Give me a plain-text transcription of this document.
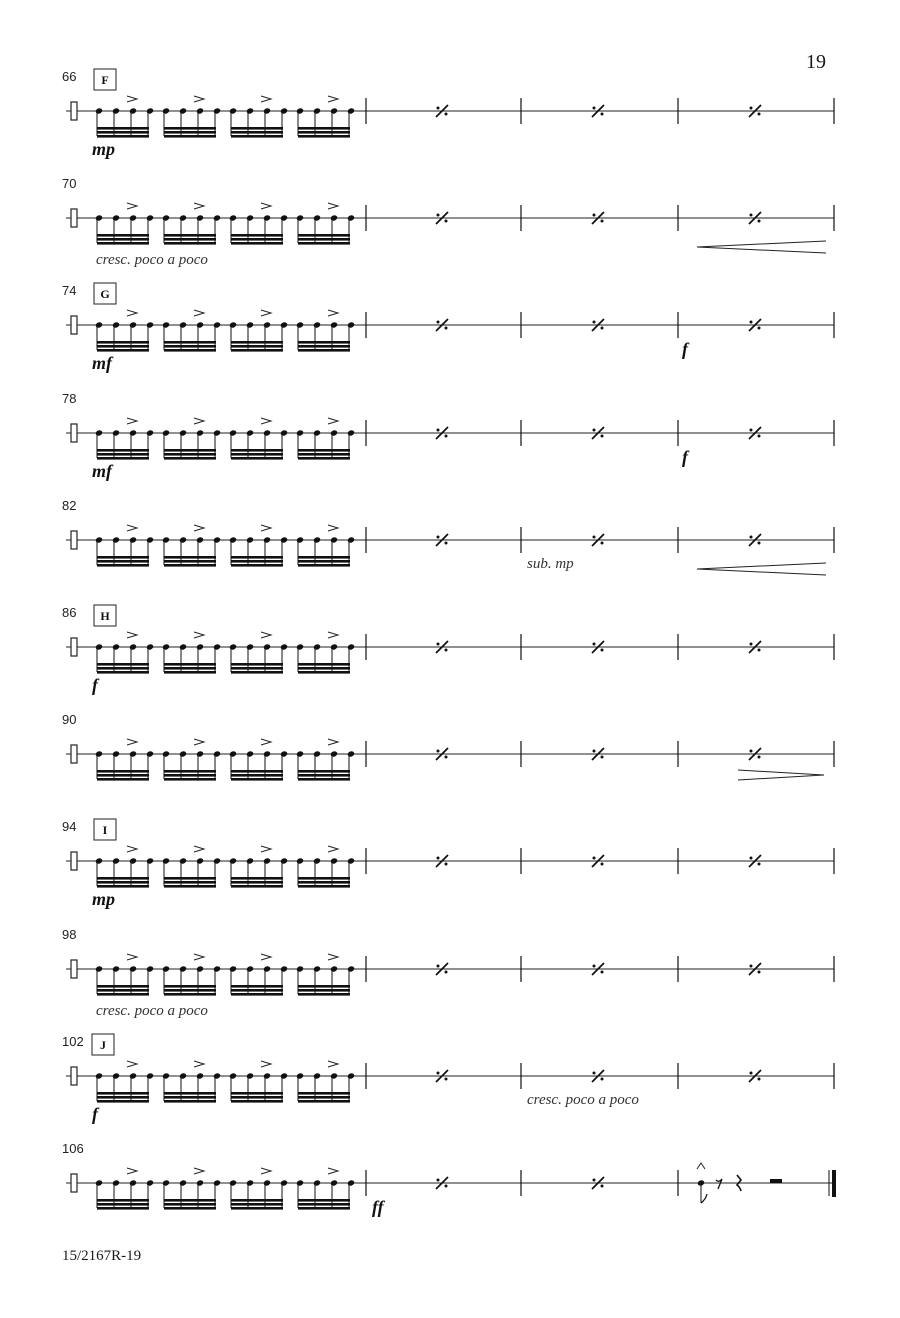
19
66 F
mp
70
cresc. poco a poco
74 G
mf
f
78
mf
f
82
sub. mp
86 H
f
90
94 I
mp
98
cresc. poco a poco
102 J
f
cresc. poco a poco
106
ff
15/2167R-19
